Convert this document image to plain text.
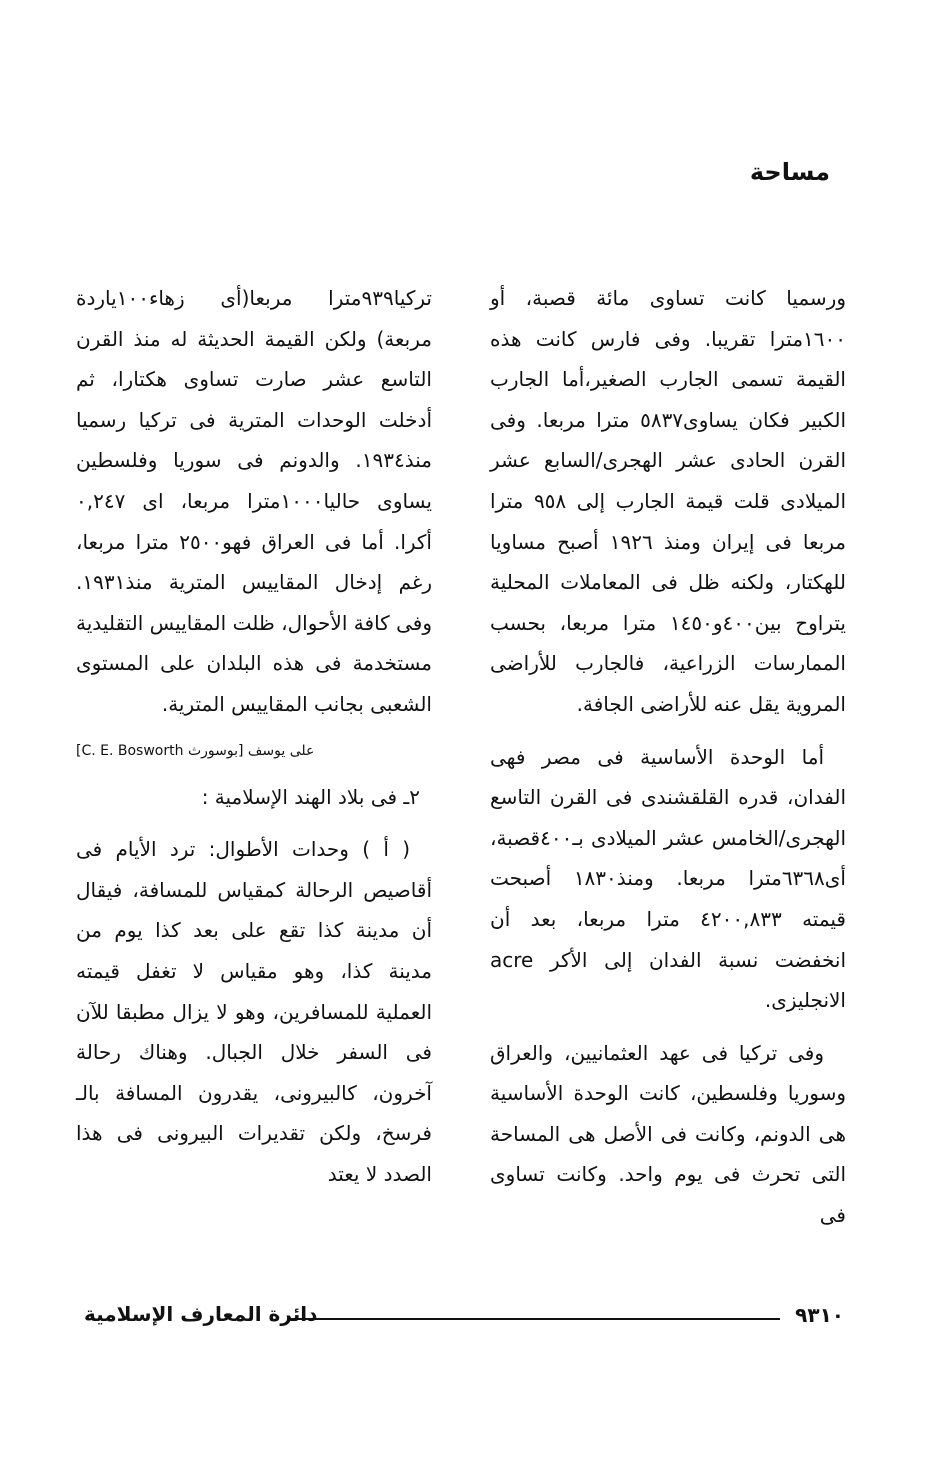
مساحة

ورسميا كانت تساوى مائة قصبة، أو ١٦٠٠مترا تقريبا. وفى فارس كانت هذه القيمة تسمى الجارب الصغير،أما الجارب الكبير فكان يساوى٥٨٣٧ مترا مربعا. وفى القرن الحادى عشر الهجرى/السابع عشر الميلادى قلت قيمة الجارب إلى ٩٥٨ مترا مربعا فى إيران ومنذ ١٩٢٦ أصبح مساويا للهكتار، ولكنه ظل فى المعاملات المحلية يتراوح بين٤٠٠و١٤٥٠ مترا مربعا، بحسب الممارسات الزراعية، فالجارب للأراضى المروية يقل عنه للأراضى الجافة.

أما الوحدة الأساسية فى مصر فهى الفدان، قدره القلقشندى فى القرن التاسع الهجرى/الخامس عشر الميلادى بـ٤٠٠قصبة، أى٦٣٦٨مترا مربعا. ومنذ١٨٣٠ أصبحت قيمته ٤٢٠٠,٨٣٣ مترا مربعا، بعد أن انخفضت نسبة الفدان إلى الأكر acre الانجليزى.

وفى تركيا فى عهد العثمانيين، والعراق وسوريا وفلسطين، كانت الوحدة الأساسية هى الدونم، وكانت فى الأصل هى المساحة التى تحرث فى يوم واحد. وكانت تساوى فى

تركيا٩٣٩مترا مربعا(أى زهاء١٠٠ياردة مربعة) ولكن القيمة الحديثة له منذ القرن التاسع عشر صارت تساوى هكتارا، ثم أدخلت الوحدات المترية فى تركيا رسميا منذ١٩٣٤. والدونم فى سوريا وفلسطين يساوى حاليا١٠٠٠مترا مربعا، اى ٠,٢٤٧ أكرا. أما فى العراق فهو٢٥٠٠ مترا مربعا، رغم إدخال المقاييس المترية منذ١٩٣١. وفى كافة الأحوال، ظلت المقاييس التقليدية مستخدمة فى هذه البلدان على المستوى الشعبى بجانب المقاييس المترية.

على يوسف [بوسورث C. E. Bosworth]

٢ـ فى بلاد الهند الإسلامية :

( أ ) وحدات الأطوال: ترد الأيام فى أقاصيص الرحالة كمقياس للمسافة، فيقال أن مدينة كذا تقع على بعد كذا يوم من مدينة كذا، وهو مقياس لا تغفل قيمته العملية للمسافرين، وهو لا يزال مطبقا للآن فى السفر خلال الجبال. وهناك رحالة آخرون، كالبيرونى، يقدرون المسافة بالـ فرسخ، ولكن تقديرات البيرونى فى هذا الصدد لا يعتد

دائرة المعارف الإسلامية	٩٣١٠
